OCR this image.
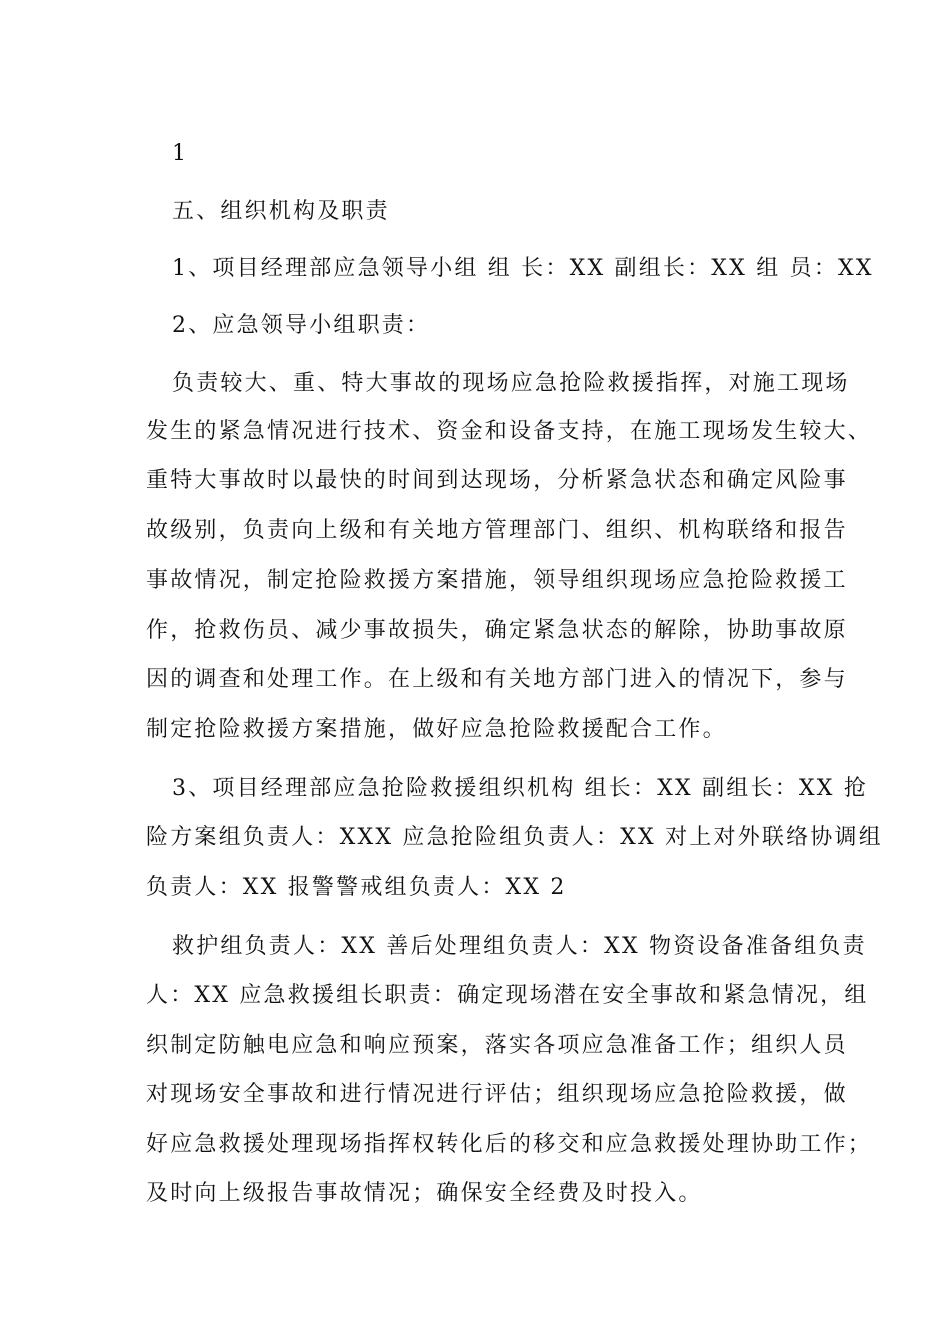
1
五、组织机构及职责
1、项目经理部应急领导小组 组 长：XX 副组长：XX 组 员：XX
2、应急领导小组职责：
负责较大、重、特大事故的现场应急抢险救援指挥，对施工现场
发生的紧急情况进行技术、资金和设备支持，在施工现场发生较大、
重特大事故时以最快的时间到达现场，分析紧急状态和确定风险事
故级别，负责向上级和有关地方管理部门、组织、机构联络和报告
事故情况，制定抢险救援方案措施，领导组织现场应急抢险救援工
作，抢救伤员、减少事故损失，确定紧急状态的解除，协助事故原
因的调查和处理工作。在上级和有关地方部门进入的情况下，参与
制定抢险救援方案措施，做好应急抢险救援配合工作。
3、项目经理部应急抢险救援组织机构 组长：XX 副组长：XX 抢
险方案组负责人：XXX 应急抢险组负责人：XX 对上对外联络协调组
负责人：XX 报警警戒组负责人：XX 2
救护组负责人：XX 善后处理组负责人：XX 物资设备准备组负责
人：XX 应急救援组长职责：确定现场潜在安全事故和紧急情况，组
织制定防触电应急和响应预案，落实各项应急准备工作；组织人员
对现场安全事故和进行情况进行评估；组织现场应急抢险救援，做
好应急救援处理现场指挥权转化后的移交和应急救援处理协助工作；
及时向上级报告事故情况；确保安全经费及时投入。
